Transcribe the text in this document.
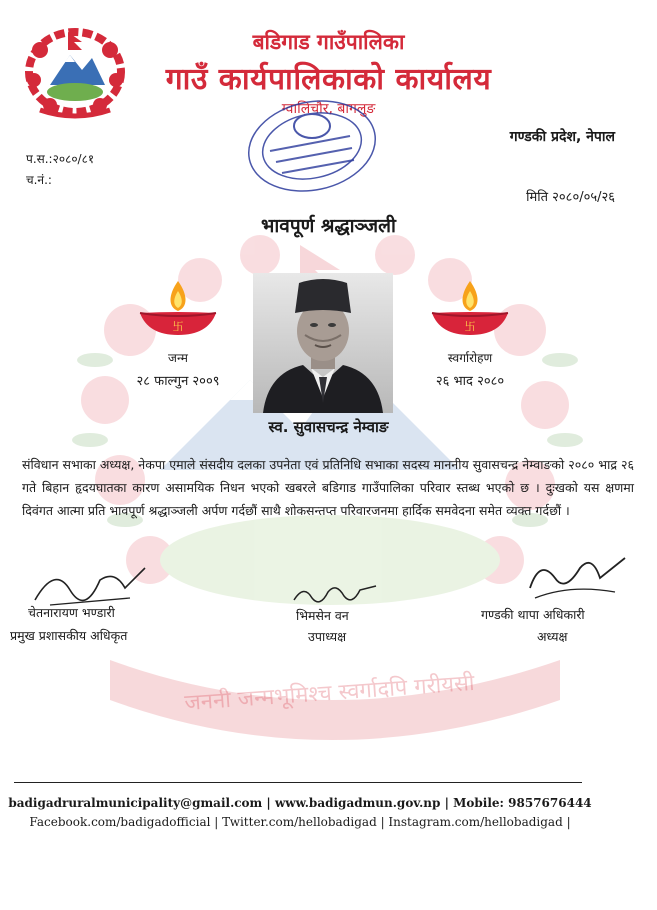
जननी जन्मभूमिश्च स्वर्गादपि गरीयसी
बडिगाड गाउँपालिका
गाउँ कार्यपालिकाको कार्यालय
ग्वालिचौर, बागलुङ
गण्डकी प्रदेश, नेपाल
प.स.:२०८०/८१
च.नं.:
मिति २०८०/०५/२६
भावपूर्ण श्रद्धाञ्जली
卐	卐
जन्म
२८ फाल्गुन २००९
स्वर्गारोहण
२६ भाद २०८०
स्व. सुवासचन्द्र नेम्वाङ
संविधान सभाका अध्यक्ष, नेकपा एमाले संसदीय दलका उपनेता एवं प्रतिनिधि सभाका सदस्य माननीय सुवासचन्द्र नेम्वाङको २०८० भाद्र २६ गते बिहान हृदयघातका कारण असामयिक निधन भएको खबरले बडिगाड गाउँपालिका परिवार स्तब्ध भएको छ । दुःखको यस क्षणमा दिवंगत आत्मा प्रति भावपूर्ण श्रद्धाञ्जली अर्पण गर्दछौं साथै शोकसन्तप्त परिवारजनमा हार्दिक समवेदना समेत व्यक्त गर्दछौं ।
चेतनारायण भण्डारी
प्रमुख प्रशासकीय अधिकृत
भिमसेन वन
उपाध्यक्ष
गण्डकी थापा अधिकारी
अध्यक्ष
badigadruralmunicipality@gmail.com | www.badigadmun.gov.np | Mobile: 9857676444
Facebook.com/badigadofficial | Twitter.com/hellobadigad | Instagram.com/hellobadigad |
